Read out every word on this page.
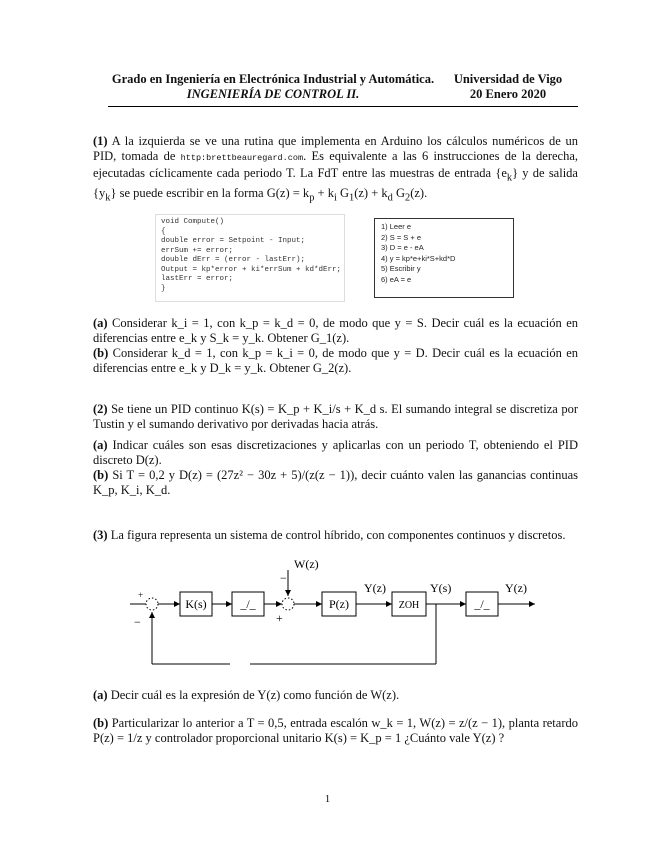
Grado en Ingeniería en Electrónica Industrial y Automática.
INGENIERÍA DE CONTROL II.
Universidad de Vigo
20 Enero 2020
(1) A la izquierda se ve una rutina que implementa en Arduino los cálculos numéricos de un PID, tomada de http:brettbeauregard.com. Es equivalente a las 6 instrucciones de la derecha, ejecutadas cíclicamente cada periodo T. La FdT entre las muestras de entrada $\{e_k\}$ y de salida $\{y_k\}$ se puede escribir en la forma $G(z) = k_p + k_i$ $G_1(z) + k_d$ $G_2(z)$.
void Compute()
{
double error = Setpoint - Input;
errSum += error;
double dErr = (error - lastErr);
Output = kp*error + ki*errSum + kd*dErr;
lastErr = error;
}
1) Leer e
2) S = S + e
3) D = e - eA
4) y = kp*e+ki*S+kd*D
5) Escribir y
6) eA = e
(a) Considerar k_i = 1, con k_p = k_d = 0, de modo que y = S. Decir cuál es la ecuación en diferencias entre e_k y S_k = y_k. Obtener G_1(z).
(b) Considerar k_d = 1, con k_p = k_i = 0, de modo que y = D. Decir cuál es la ecuación en diferencias entre e_k y D_k = y_k. Obtener G_2(z).
(2) Se tiene un PID continuo K(s) = K_p + K_i/s + K_d s. El sumando integral se discretiza por Tustin y el sumando derivativo por derivadas hacia atrás.
(a) Indicar cuáles son esas discretizaciones y aplicarlas con un periodo T, obteniendo el PID discreto D(z).
(b) Si T = 0,2 y D(z) = (27z² − 30z + 5)/(z(z − 1)), decir cuánto valen las ganancias continuas K_p, K_i, K_d.
(3) La figura representa un sistema de control híbrido, con componentes continuos y discretos.
K(s)	_/_	P(z)	ZOH	_/_
W(z)
Y(z)	Y(s)	Y(z)
−
+
−
+
(a) Decir cuál es la expresión de Y(z) como función de W(z).
(b) Particularizar lo anterior a T = 0,5, entrada escalón w_k = 1, W(z) = z/(z − 1), planta retardo P(z) = 1/z y controlador proporcional unitario K(s) = K_p = 1 ¿Cuánto vale Y(z) ?
1
